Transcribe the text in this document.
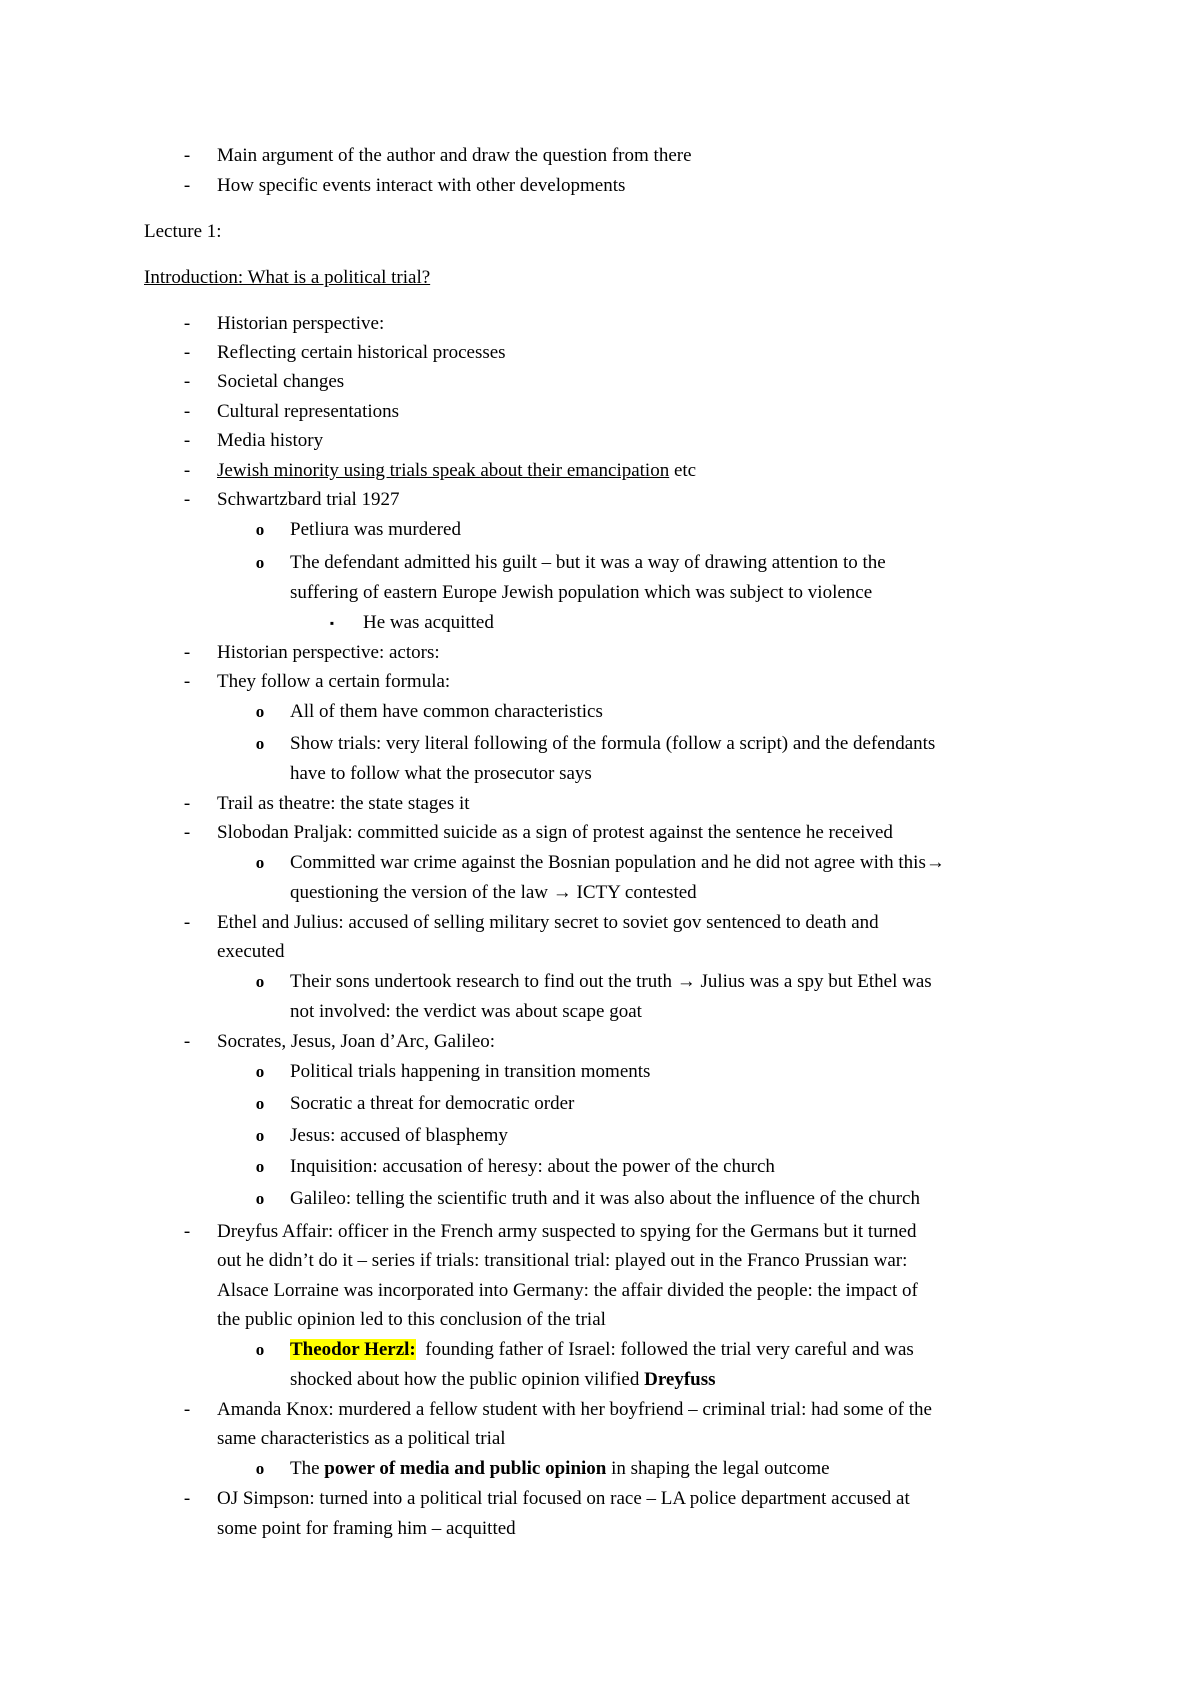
- Main argument of the author and draw the question from there
- How specific events interact with other developments
Lecture 1:
Introduction: What is a political trial?
- Historian perspective:
- Reflecting certain historical processes
- Societal changes
- Cultural representations
- Media history
- Jewish minority using trials speak about their emancipation etc
- Schwartzbard trial 1927
o Petliura was murdered
o The defendant admitted his guilt – but it was a way of drawing attention to the
suffering of eastern Europe Jewish population which was subject to violence
▪	He was acquitted
- Historian perspective: actors:
- They follow a certain formula:
o All of them have common characteristics
o Show trials: very literal following of the formula (follow a script) and the defendants
have to follow what the prosecutor says
- Trail as theatre: the state stages it
- Slobodan Praljak: committed suicide as a sign of protest against the sentence he received
o Committed war crime against the Bosnian population and he did not agree with this→
questioning the version of the law → ICTY contested
- Ethel and Julius: accused of selling military secret to soviet gov sentenced to death and
executed
o Their sons undertook research to find out the truth → Julius was a spy but Ethel was
not involved: the verdict was about scape goat
- Socrates, Jesus, Joan d’Arc, Galileo:
o Political trials happening in transition moments
o Socratic a threat for democratic order
o Jesus: accused of blasphemy
o Inquisition: accusation of heresy: about the power of the church
o Galileo: telling the scientific truth and it was also about the influence of the church
- Dreyfus Affair: officer in the French army suspected to spying for the Germans but it turned
out he didn’t do it – series if trials: transitional trial: played out in the Franco Prussian war:
Alsace Lorraine was incorporated into Germany: the affair divided the people: the impact of
the public opinion led to this conclusion of the trial
o Theodor Herzl:  founding father of Israel: followed the trial very careful and was
shocked about how the public opinion vilified Dreyfuss
- Amanda Knox: murdered a fellow student with her boyfriend – criminal trial: had some of the
same characteristics as a political trial
o The power of media and public opinion in shaping the legal outcome
- OJ Simpson: turned into a political trial focused on race – LA police department accused at
some point for framing him – acquitted
